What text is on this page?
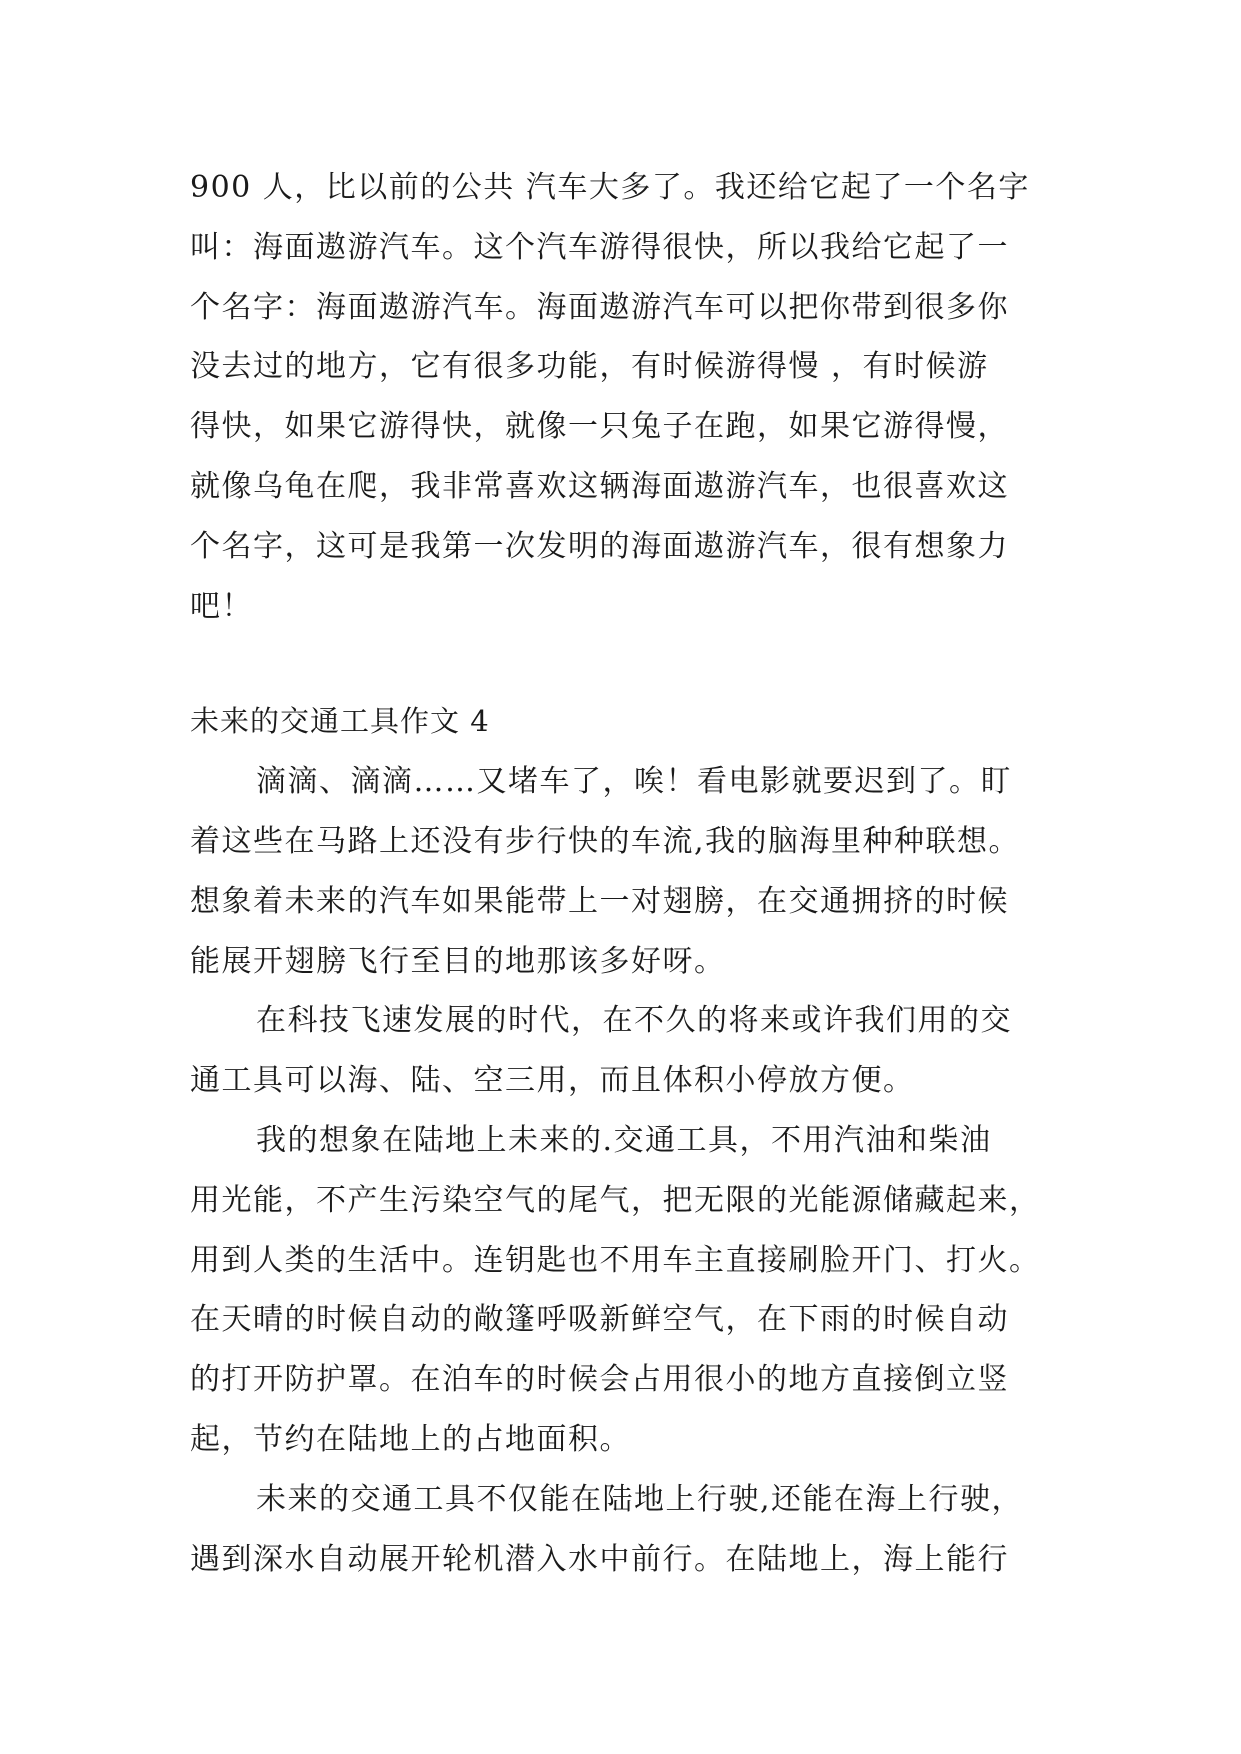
900 人，比以前的公共 汽车大多了。我还给它起了一个名字
叫：海面遨游汽车。这个汽车游得很快，所以我给它起了一
个名字：海面遨游汽车。海面遨游汽车可以把你带到很多你
没去过的地方，它有很多功能，有时候游得慢 ，有时候游
得快，如果它游得快，就像一只兔子在跑，如果它游得慢，
就像乌龟在爬，我非常喜欢这辆海面遨游汽车，也很喜欢这
个名字，这可是我第一次发明的海面遨游汽车，很有想象力
吧！
未来的交通工具作文 4
滴滴、滴滴……又堵车了，唉！看电影就要迟到了。盯
着这些在马路上还没有步行快的车流,我的脑海里种种联想。
想象着未来的汽车如果能带上一对翅膀，在交通拥挤的时候
能展开翅膀飞行至目的地那该多好呀。
在科技飞速发展的时代，在不久的将来或许我们用的交
通工具可以海、陆、空三用，而且体积小停放方便。
我的想象在陆地上未来的.交通工具，不用汽油和柴油
用光能，不产生污染空气的尾气，把无限的光能源储藏起来，
用到人类的生活中。连钥匙也不用车主直接刷脸开门、打火。
在天晴的时候自动的敞篷呼吸新鲜空气，在下雨的时候自动
的打开防护罩。在泊车的时候会占用很小的地方直接倒立竖
起，节约在陆地上的占地面积。
未来的交通工具不仅能在陆地上行驶,还能在海上行驶，
遇到深水自动展开轮机潜入水中前行。在陆地上，海上能行
